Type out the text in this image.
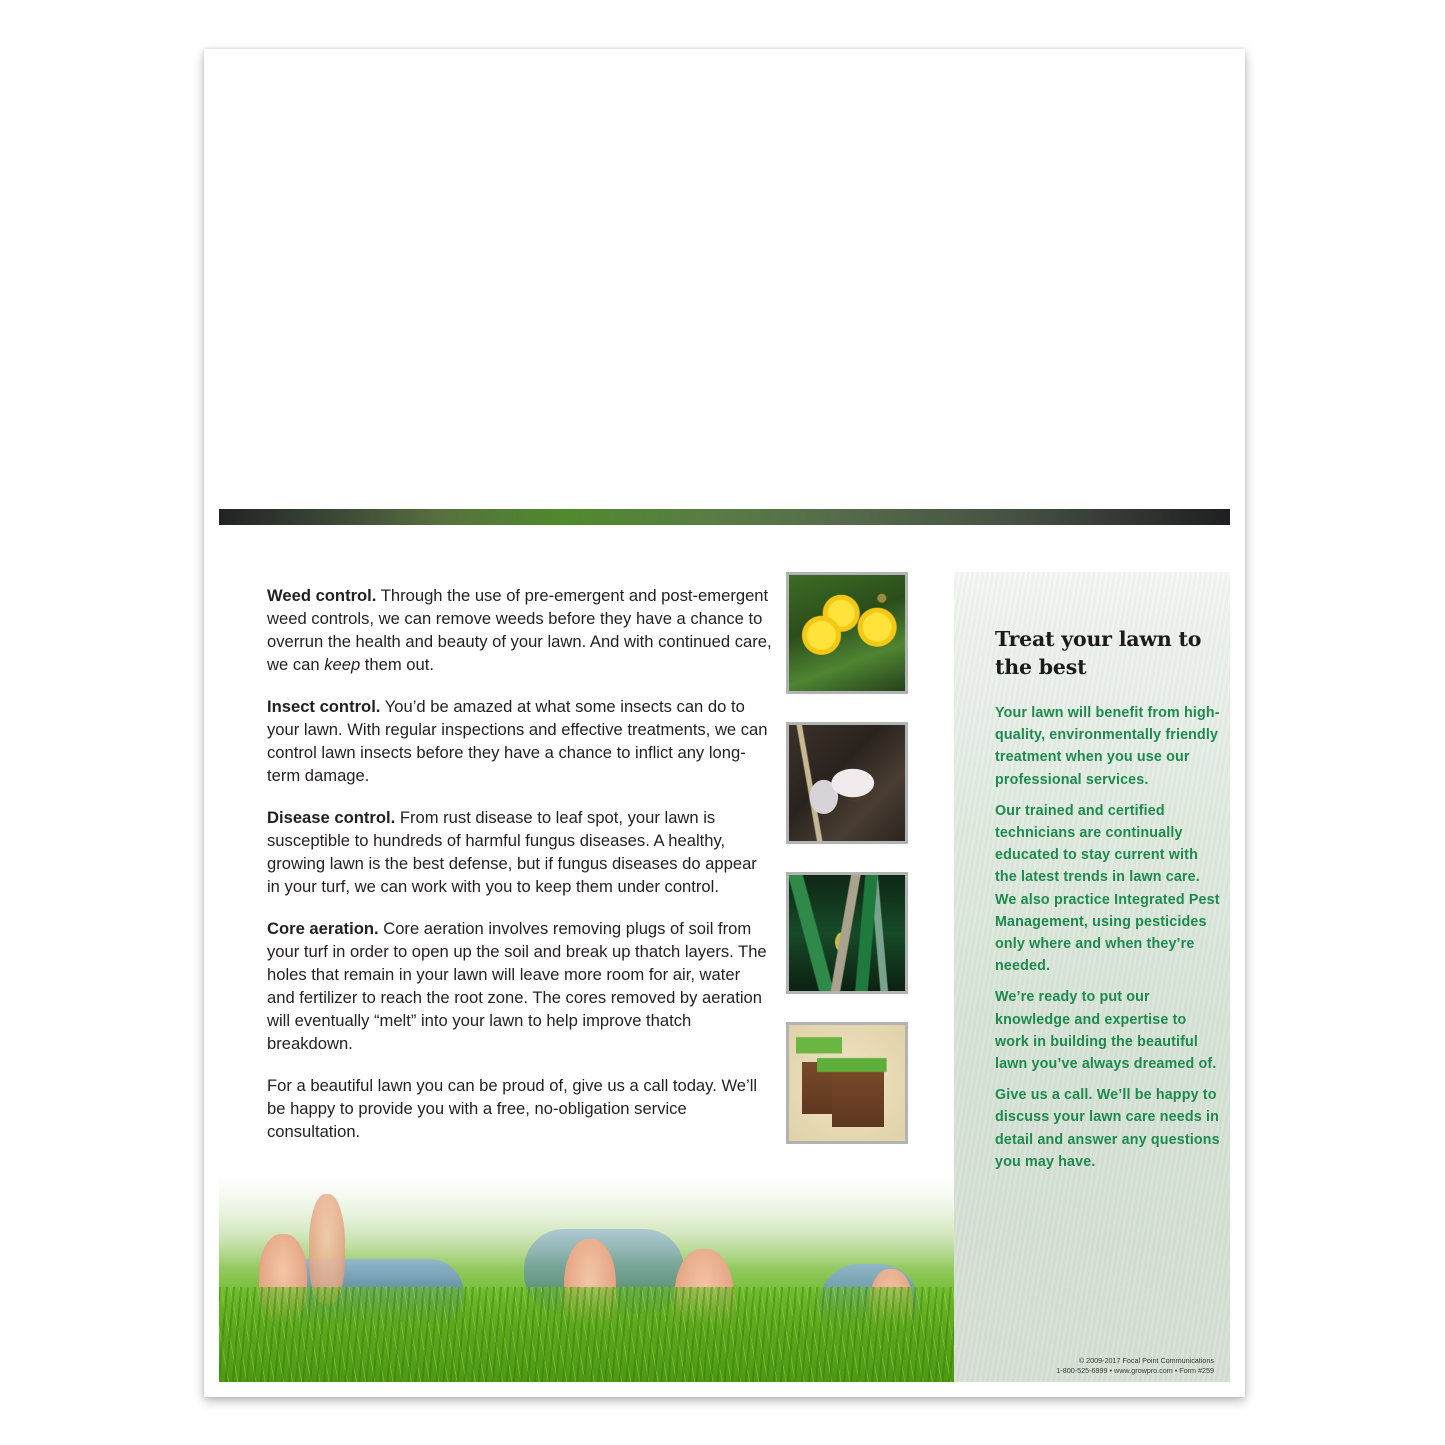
Weed control. Through the use of pre-emergent and post-emergent weed controls, we can remove weeds before they have a chance to overrun the health and beauty of your lawn. And with continued care, we can keep them out.

Insect control. You’d be amazed at what some insects can do to your lawn. With regular inspections and effective treatments, we can control lawn insects before they have a chance to inflict any long-term damage.

Disease control. From rust disease to leaf spot, your lawn is susceptible to hundreds of harmful fungus diseases. A healthy, growing lawn is the best defense, but if fungus diseases do appear in your turf, we can work with you to keep them under control.

Core aeration. Core aeration involves removing plugs of soil from your turf in order to open up the soil and break up thatch layers. The holes that remain in your lawn will leave more room for air, water and fertilizer to reach the root zone. The cores removed by aeration will eventually “melt” into your lawn to help improve thatch breakdown.

For a beautiful lawn you can be proud of, give us a call today. We’ll be happy to provide you with a free, no-obligation service consultation.

Treat your lawn to the best

Your lawn will benefit from high-quality, environmentally friendly treatment when you use our professional services.

Our trained and certified technicians are continually educated to stay current with the latest trends in lawn care. We also practice Integrated Pest Management, using pesticides only where and when they’re needed.

We’re ready to put our knowledge and expertise to work in building the beautiful lawn you’ve always dreamed of.

Give us a call. We’ll be happy to discuss your lawn care needs in detail and answer any questions you may have.

© 2009-2017 Focal Point Communications
1-800-525-6999 • www.growpro.com • Form #259
